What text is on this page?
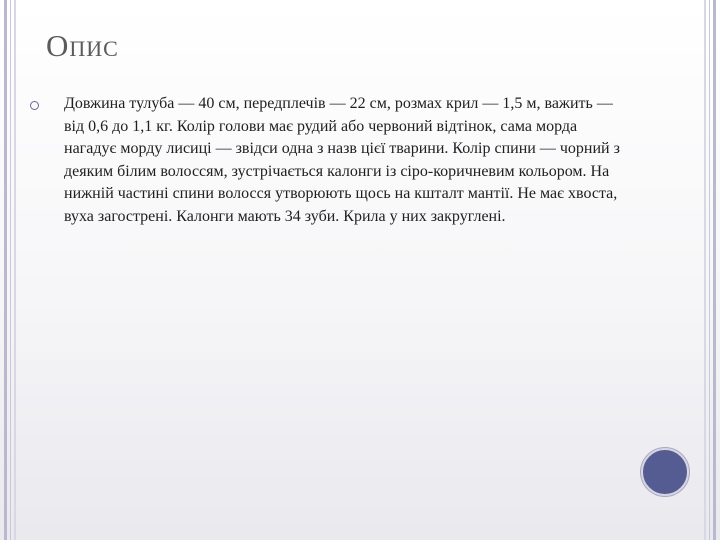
Опис
Довжина тулуба — 40 см, передплечів — 22 см, розмах крил — 1,5 м, важить — від 0,6 до 1,1 кг. Колір голови має рудий або червоний відтінок, сама морда нагадує морду лисиці — звідси одна з назв цієї тварини. Колір спини — чорний з деяким білим волоссям, зустрічається калонги із сіро-коричневим кольором. На нижній частині спини волосся утворюють щось на кшталт мантії. Не має хвоста, вуха загострені. Калонги мають 34 зуби. Крила у них закруглені.
